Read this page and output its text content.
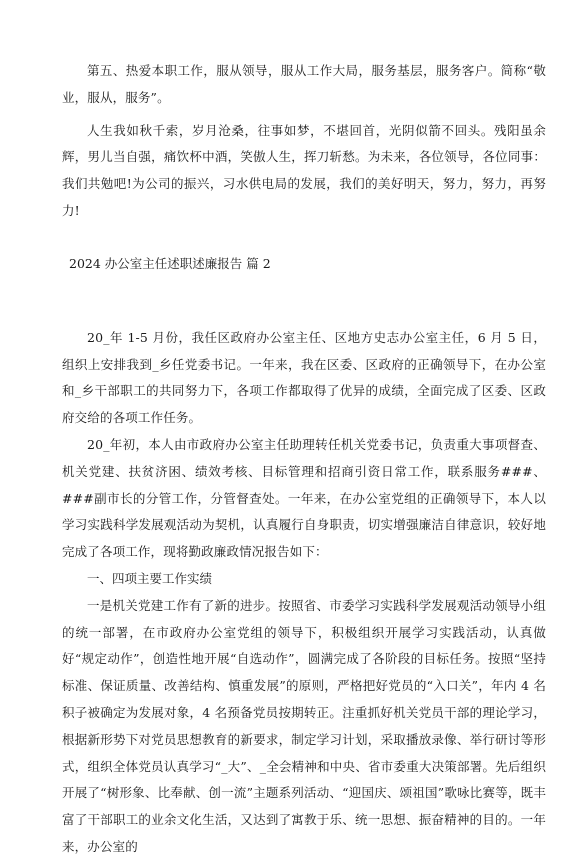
第五、热爱本职工作，服从领导，服从工作大局，服务基层，服务客户。简称“敬业，服从，服务”。

人生我如秋千索，岁月沧桑，往事如梦，不堪回首，光阴似箭不回头。残阳虽余辉，男儿当自强，痛饮杯中酒，笑傲人生，挥刀斩愁。为未来，各位领导，各位同事：我们共勉吧!为公司的振兴，习水供电局的发展，我们的美好明天，努力，努力，再努力!

2024 办公室主任述职述廉报告 篇 2

20_年 1-5 月份，我任区政府办公室主任、区地方史志办公室主任，6 月 5 日，组织上安排我到_乡任党委书记。一年来，我在区委、区政府的正确领导下，在办公室和_乡干部职工的共同努力下，各项工作都取得了优异的成绩，全面完成了区委、区政府交给的各项工作任务。

20_年初，本人由市政府办公室主任助理转任机关党委书记，负责重大事项督查、机关党建、扶贫济困、绩效考核、目标管理和招商引资日常工作，联系服务###、###副市长的分管工作，分管督查处。一年来，在办公室党组的正确领导下，本人以学习实践科学发展观活动为契机，认真履行自身职责，切实增强廉洁自律意识，较好地完成了各项工作，现将勤政廉政情况报告如下：

一、四项主要工作实绩

一是机关党建工作有了新的进步。按照省、市委学习实践科学发展观活动领导小组的统一部署，在市政府办公室党组的领导下，积极组织开展学习实践活动，认真做好“规定动作”，创造性地开展“自选动作”，圆满完成了各阶段的目标任务。按照“坚持标准、保证质量、改善结构、慎重发展”的原则，严格把好党员的“入口关”，年内 4 名积子被确定为发展对象，4 名预备党员按期转正。注重抓好机关党员干部的理论学习，根据新形势下对党员思想教育的新要求，制定学习计划，采取播放录像、举行研讨等形式，组织全体党员认真学习“_大”、_全会精神和中央、省市委重大决策部署。先后组织开展了“树形象、比奉献、创一流”主题系列活动、“迎国庆、颂祖国”歌咏比赛等，既丰富了干部职工的业余文化生活，又达到了寓教于乐、统一思想、振奋精神的目的。一年来，办公室的
